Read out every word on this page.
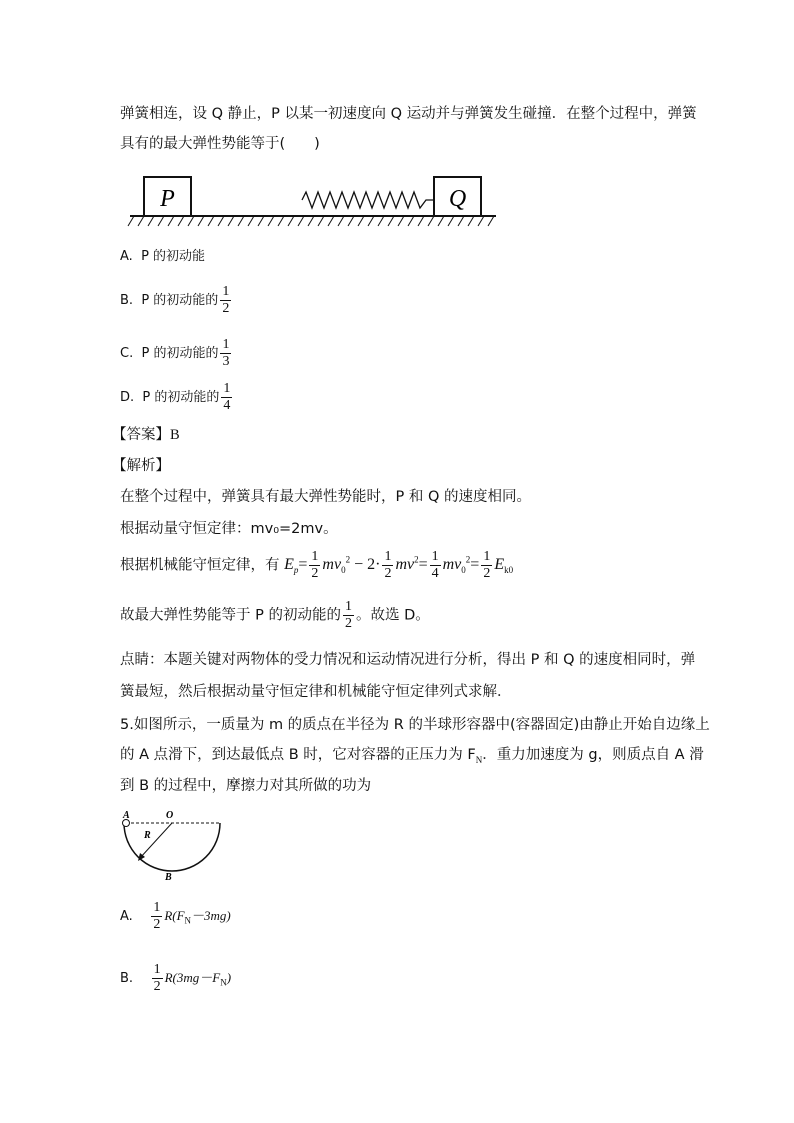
弹簧相连，设 Q 静止，P 以某一初速度向 Q 运动并与弹簧发生碰撞．在整个过程中，弹簧
具有的最大弹性势能等于(　　)
P	Q
A. P 的初动能
B. P 的初动能的 $\frac{1}{2}$
C. P 的初动能的 $\frac{1}{3}$
D. P 的初动能的 $\frac{1}{4}$
【答案】B
【解析】
在整个过程中，弹簧具有最大弹性势能时，P 和 Q 的速度相同。
根据动量守恒定律：mv₀=2mv。
根据机械能守恒定律，有 $E_p= \frac{1}{2} mv_0^2 - 2\cdot \frac{1}{2} mv^2= \frac{1}{4} mv_0^2= \frac{1}{2} E_{k0}$
故最大弹性势能等于 P 的初动能的 $\frac{1}{2}$ 。故选 D。
点睛：本题关键对两物体的受力情况和运动情况进行分析，得出 P 和 Q 的速度相同时，弹
簧最短，然后根据动量守恒定律和机械能守恒定律列式求解．
5.如图所示，一质量为 m 的质点在半径为 R 的半球形容器中(容器固定)由静止开始自边缘上
的 A 点滑下，到达最低点 B 时，它对容器的正压力为 $F_N$．重力加速度为 g，则质点自 A 滑
到 B 的过程中，摩擦力对其所做的功为
A	O
R
B
A. $\frac{1}{2} R(F_N-3mg)$
B. $\frac{1}{2} R(3mg-F_N)$
